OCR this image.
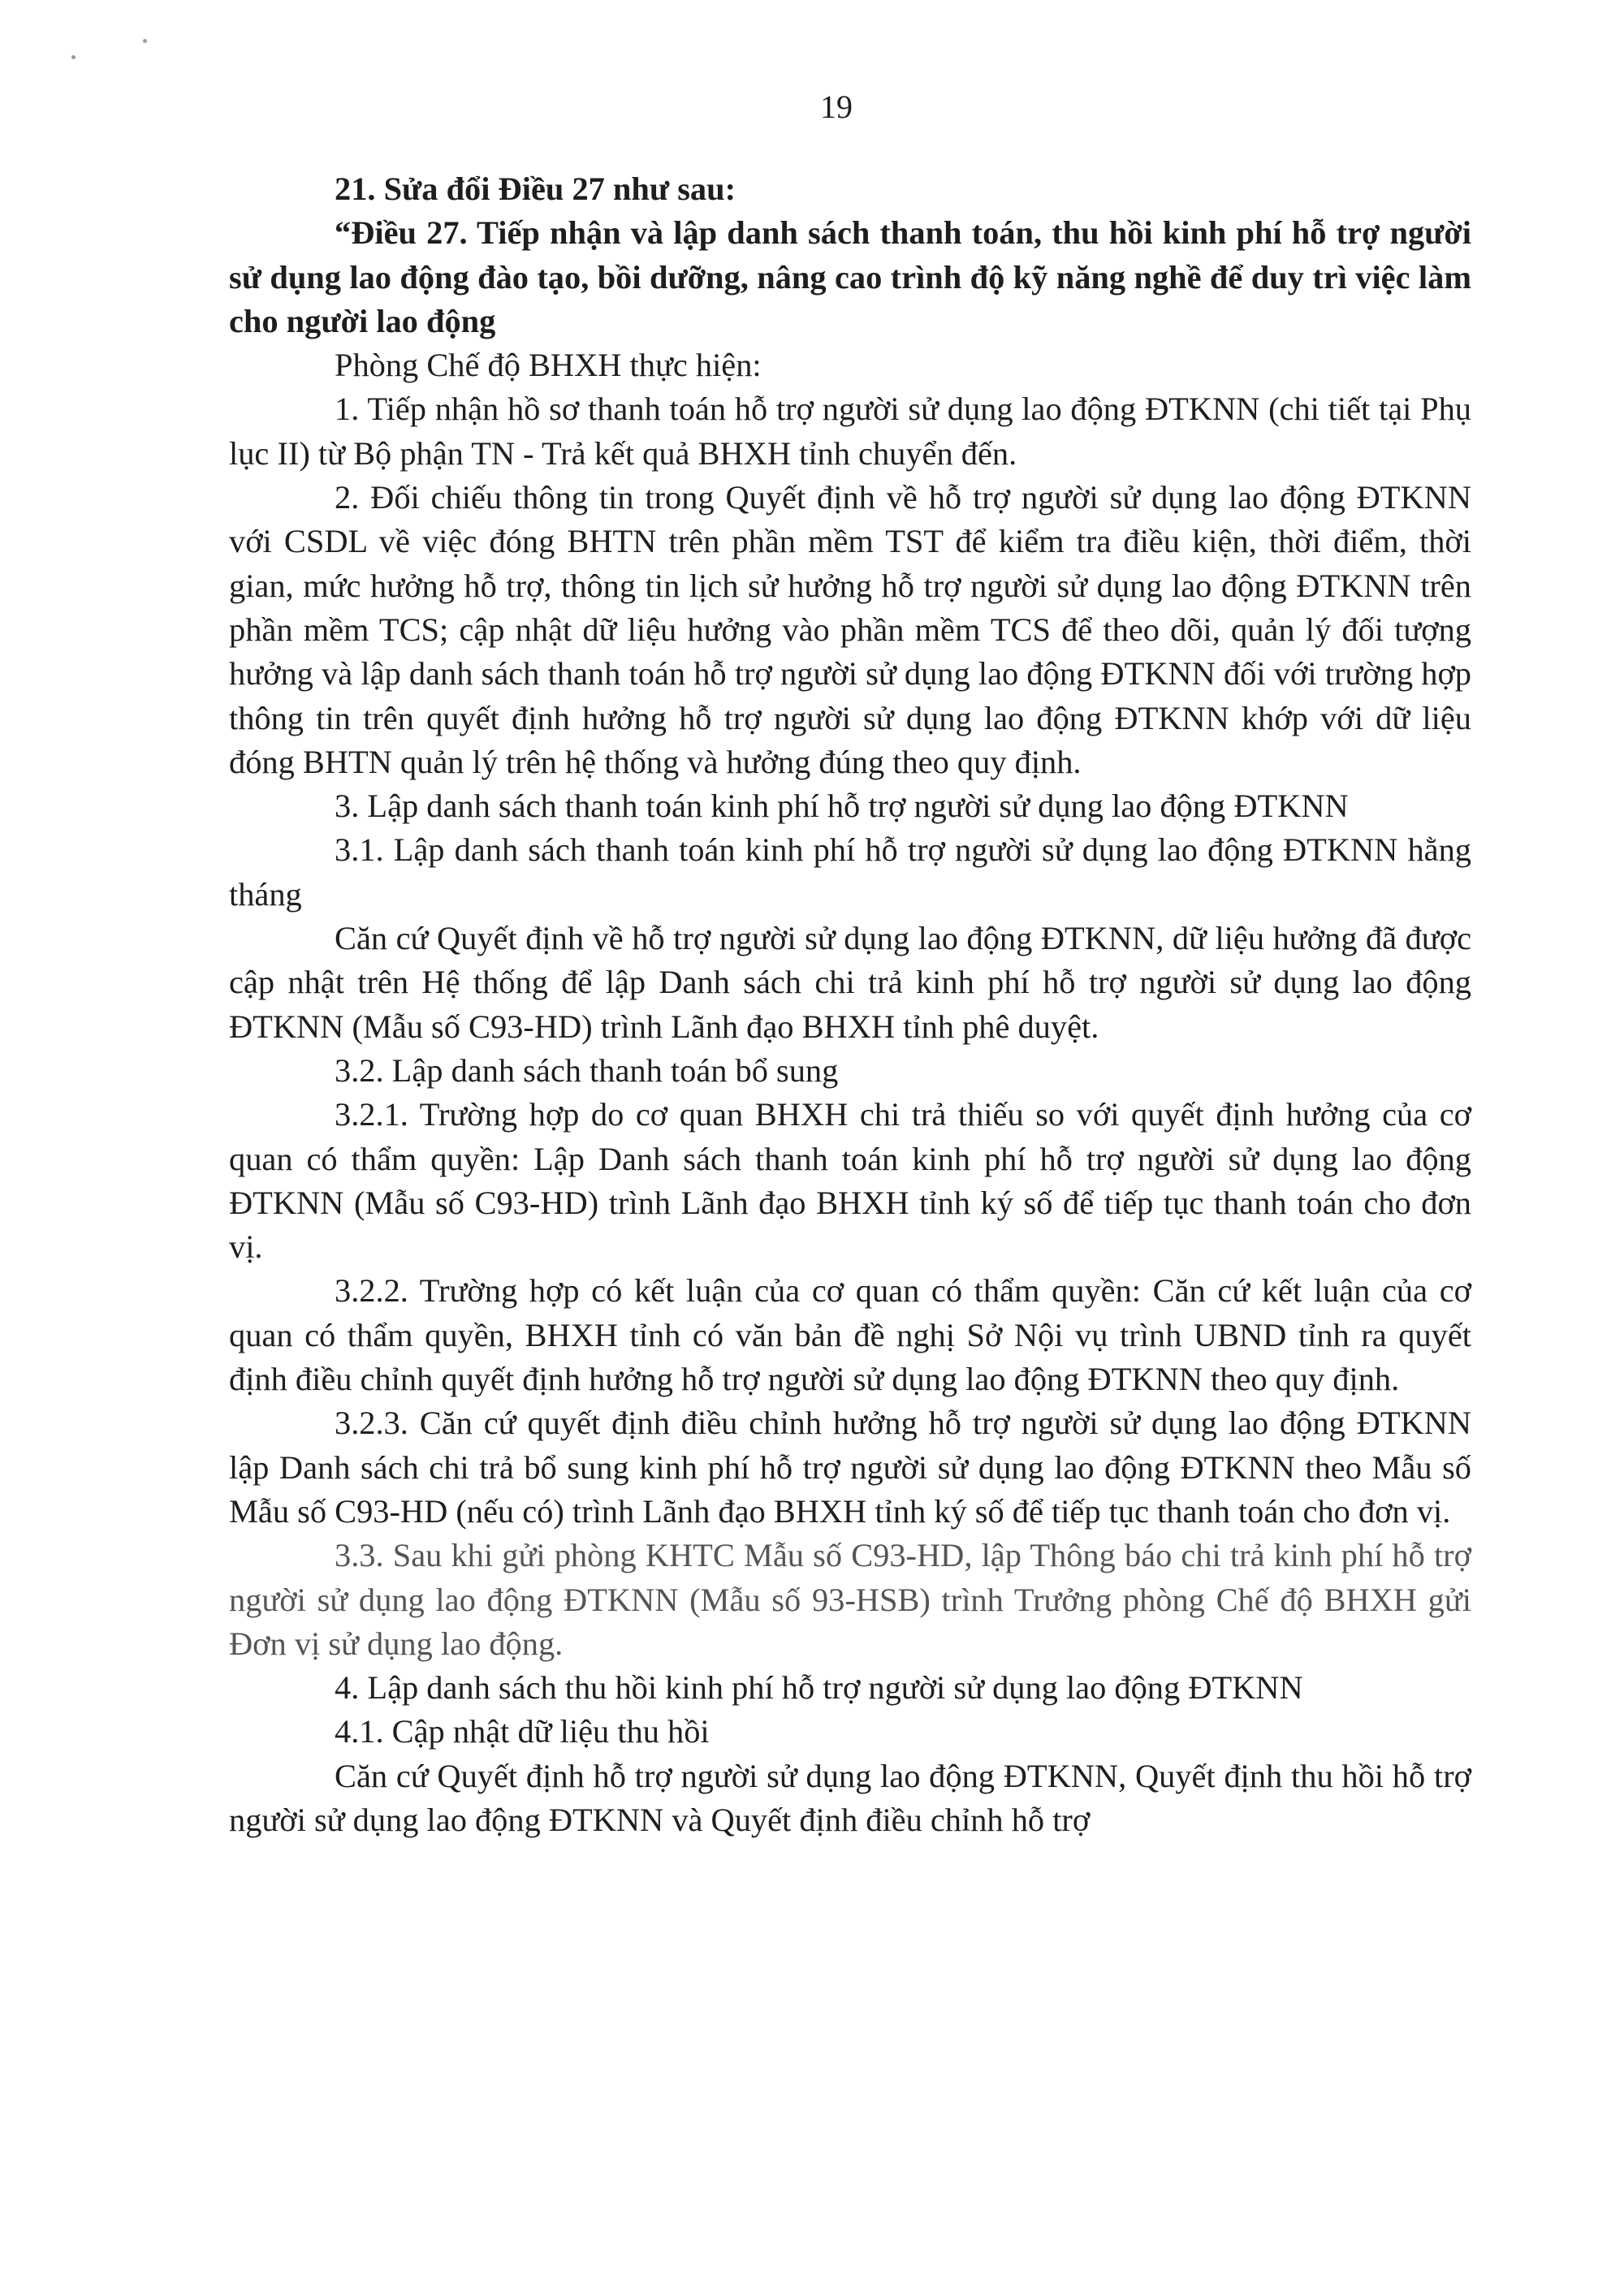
19

21. Sửa đổi Điều 27 như sau:

“Điều 27. Tiếp nhận và lập danh sách thanh toán, thu hồi kinh phí hỗ trợ người sử dụng lao động đào tạo, bồi dưỡng, nâng cao trình độ kỹ năng nghề để duy trì việc làm cho người lao động

Phòng Chế độ BHXH thực hiện:

1. Tiếp nhận hồ sơ thanh toán hỗ trợ người sử dụng lao động ĐTKNN (chi tiết tại Phụ lục II) từ Bộ phận TN - Trả kết quả BHXH tỉnh chuyển đến.

2. Đối chiếu thông tin trong Quyết định về hỗ trợ người sử dụng lao động ĐTKNN với CSDL về việc đóng BHTN trên phần mềm TST để kiểm tra điều kiện, thời điểm, thời gian, mức hưởng hỗ trợ, thông tin lịch sử hưởng hỗ trợ người sử dụng lao động ĐTKNN trên phần mềm TCS; cập nhật dữ liệu hưởng vào phần mềm TCS để theo dõi, quản lý đối tượng hưởng và lập danh sách thanh toán hỗ trợ người sử dụng lao động ĐTKNN đối với trường hợp thông tin trên quyết định hưởng hỗ trợ người sử dụng lao động ĐTKNN khớp với dữ liệu đóng BHTN quản lý trên hệ thống và hưởng đúng theo quy định.

3. Lập danh sách thanh toán kinh phí hỗ trợ người sử dụng lao động ĐTKNN

3.1. Lập danh sách thanh toán kinh phí hỗ trợ người sử dụng lao động ĐTKNN hằng tháng

Căn cứ Quyết định về hỗ trợ người sử dụng lao động ĐTKNN, dữ liệu hưởng đã được cập nhật trên Hệ thống để lập Danh sách chi trả kinh phí hỗ trợ người sử dụng lao động ĐTKNN (Mẫu số C93-HD) trình Lãnh đạo BHXH tỉnh phê duyệt.

3.2. Lập danh sách thanh toán bổ sung

3.2.1. Trường hợp do cơ quan BHXH chi trả thiếu so với quyết định hưởng của cơ quan có thẩm quyền: Lập Danh sách thanh toán kinh phí hỗ trợ người sử dụng lao động ĐTKNN (Mẫu số C93-HD) trình Lãnh đạo BHXH tỉnh ký số để tiếp tục thanh toán cho đơn vị.

3.2.2. Trường hợp có kết luận của cơ quan có thẩm quyền: Căn cứ kết luận của cơ quan có thẩm quyền, BHXH tỉnh có văn bản đề nghị Sở Nội vụ trình UBND tỉnh ra quyết định điều chỉnh quyết định hưởng hỗ trợ người sử dụng lao động ĐTKNN theo quy định.

3.2.3. Căn cứ quyết định điều chỉnh hưởng hỗ trợ người sử dụng lao động ĐTKNN lập Danh sách chi trả bổ sung kinh phí hỗ trợ người sử dụng lao động ĐTKNN theo Mẫu số Mẫu số C93-HD (nếu có) trình Lãnh đạo BHXH tỉnh ký số để tiếp tục thanh toán cho đơn vị.

3.3. Sau khi gửi phòng KHTC Mẫu số C93-HD, lập Thông báo chi trả kinh phí hỗ trợ người sử dụng lao động ĐTKNN (Mẫu số 93-HSB) trình Trưởng phòng Chế độ BHXH gửi Đơn vị sử dụng lao động.

4. Lập danh sách thu hồi kinh phí hỗ trợ người sử dụng lao động ĐTKNN

4.1. Cập nhật dữ liệu thu hồi

Căn cứ Quyết định hỗ trợ người sử dụng lao động ĐTKNN, Quyết định thu hồi hỗ trợ người sử dụng lao động ĐTKNN và Quyết định điều chỉnh hỗ trợ
